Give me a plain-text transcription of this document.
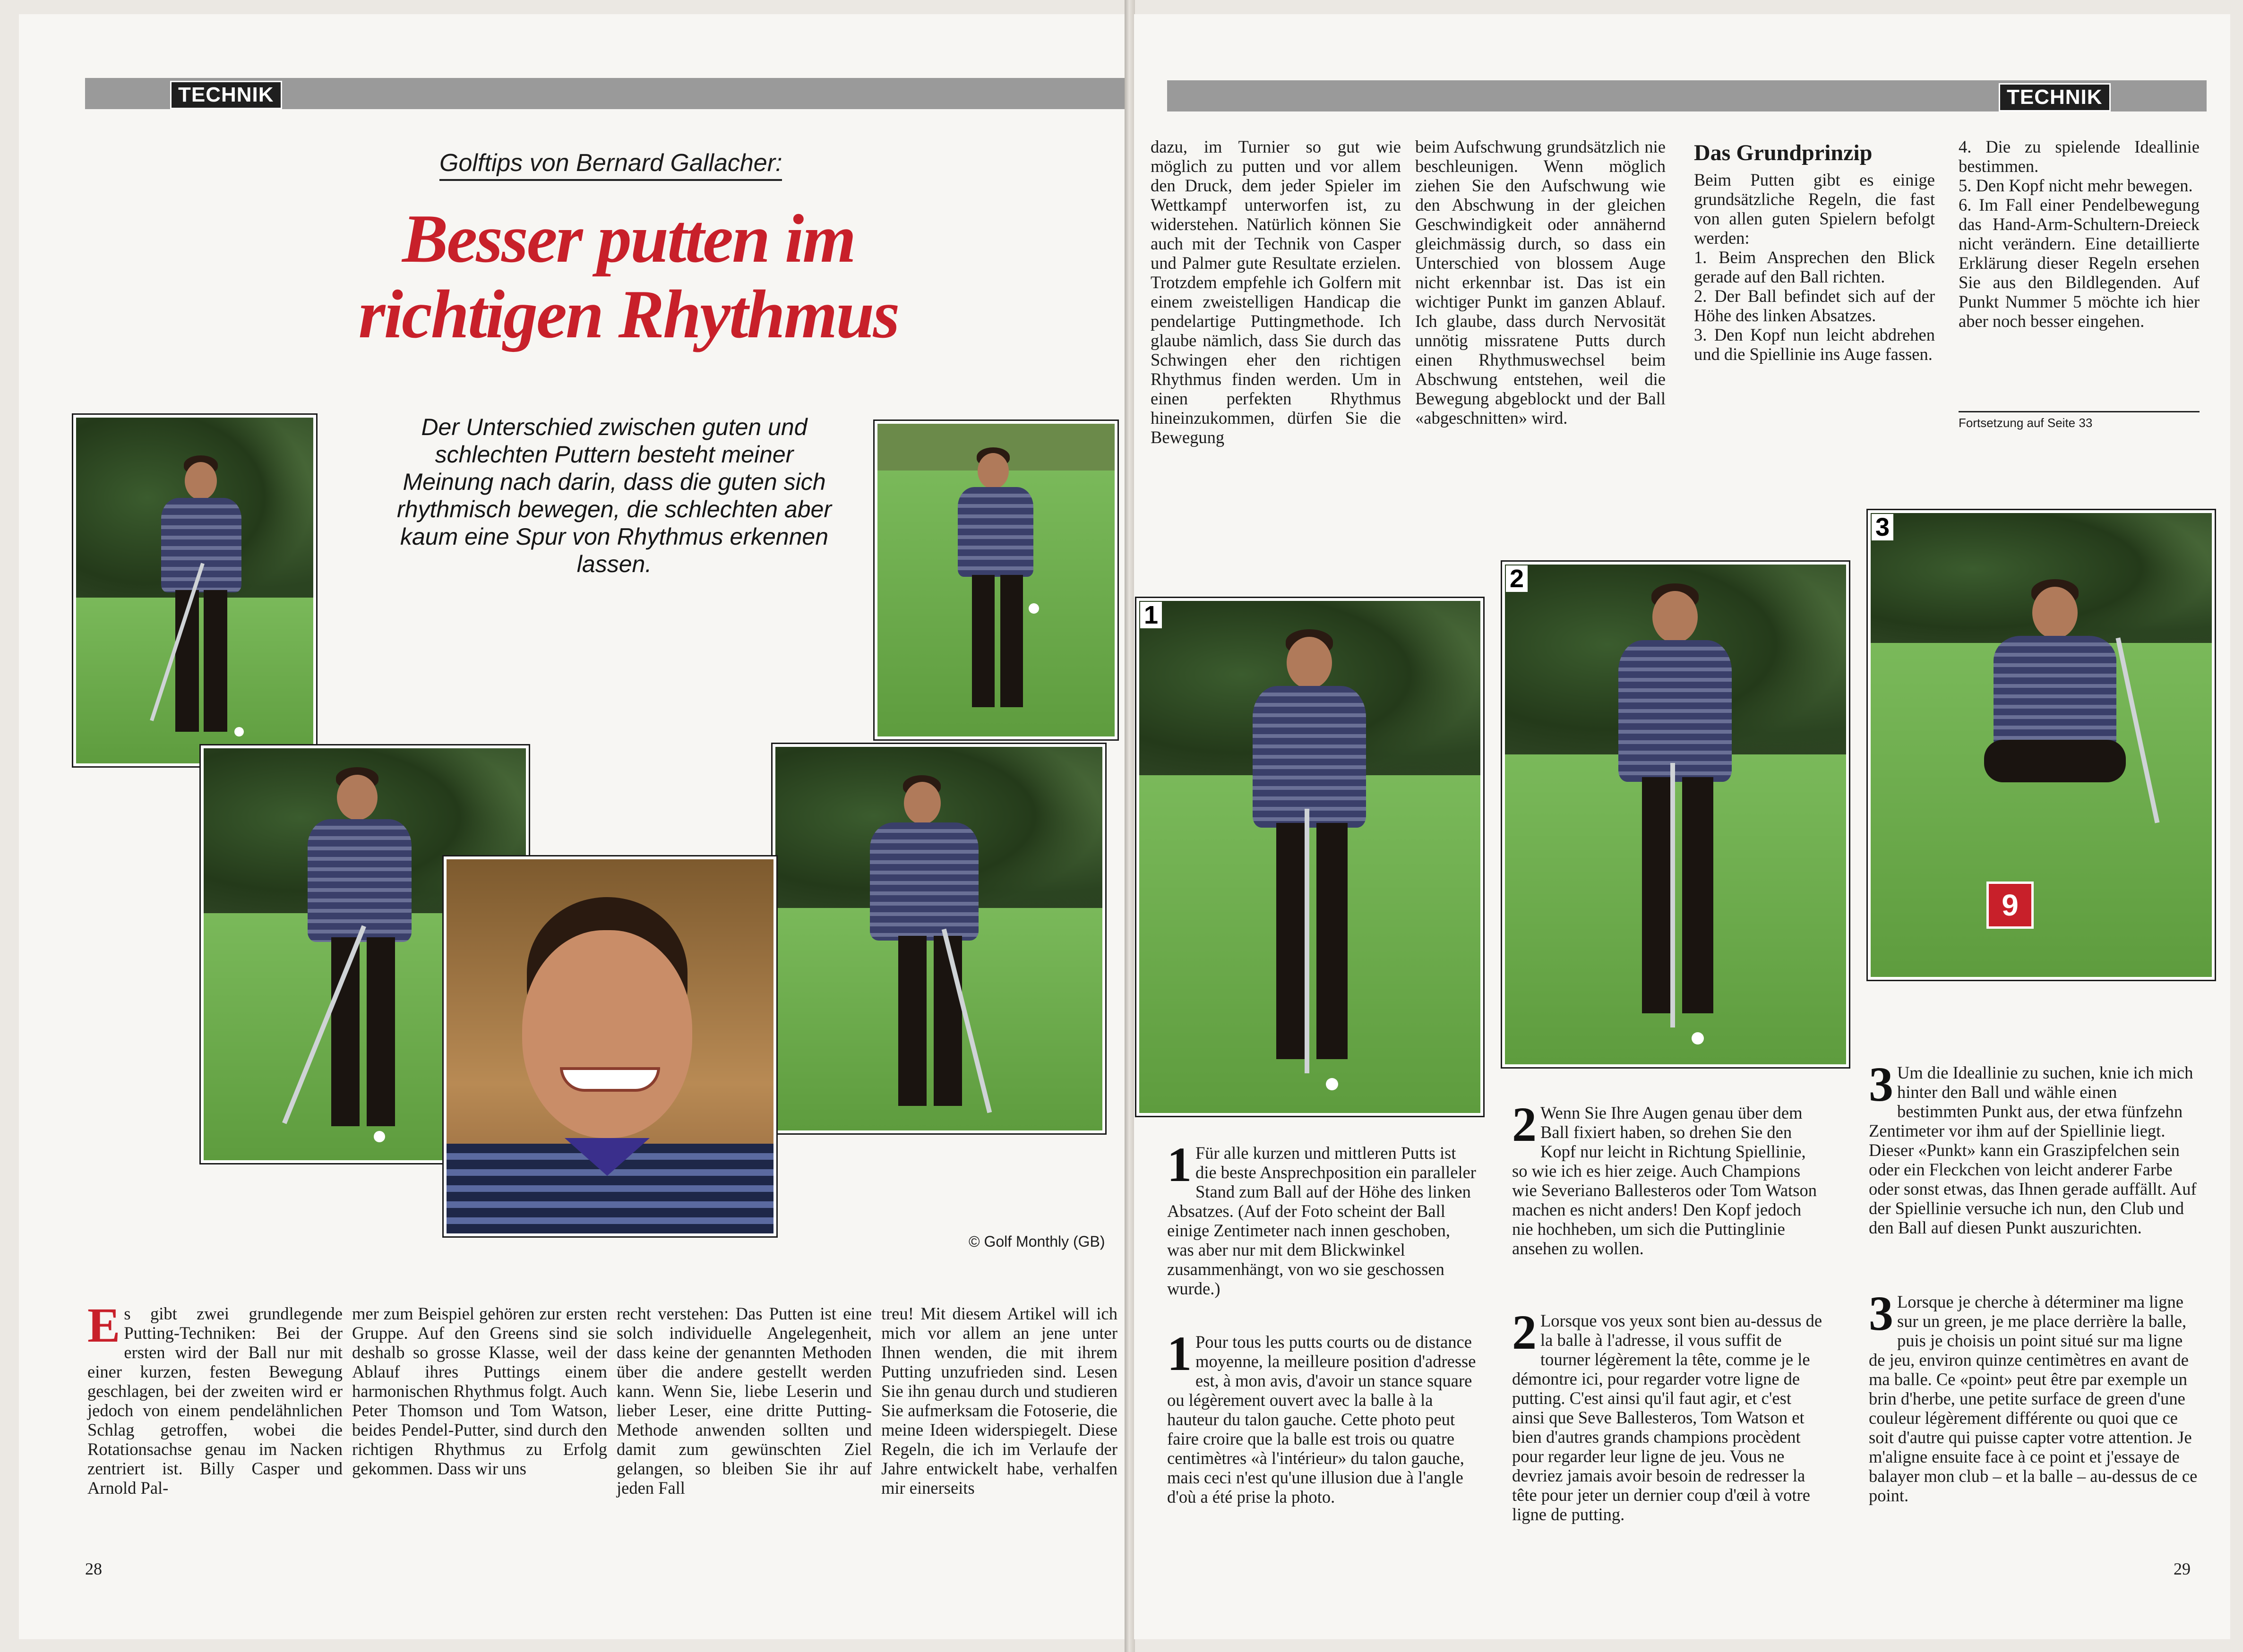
TECHNIK
Golftips von Bernard Gallacher:
Besser putten im
richtigen Rhythmus
Der Unterschied zwischen guten und schlechten Puttern besteht meiner Meinung nach darin, dass die guten sich rhythmisch bewegen, die schlechten aber kaum eine Spur von Rhythmus erkennen lassen.
© Golf Monthly (GB)
Es gibt zwei grundlegende Putting-Techniken: Bei der ersten wird der Ball nur mit einer kurzen, festen Bewegung geschlagen, bei der zweiten wird er jedoch von einem pendelähnlichen Schlag getroffen, wobei die Rotationsachse genau im Nacken zentriert ist. Billy Casper und Arnold Pal-
mer zum Beispiel gehören zur ersten Gruppe. Auf den Greens sind sie deshalb so grosse Klasse, weil der Ablauf ihres Puttings einem harmonischen Rhythmus folgt. Auch Peter Thomson und Tom Watson, beides Pendel-Putter, sind durch den richtigen Rhythmus zu Erfolg gekommen. Dass wir uns
recht verstehen: Das Putten ist eine solch individuelle Angelegenheit, dass keine der genannten Methoden über die andere gestellt werden kann. Wenn Sie, liebe Leserin und lieber Leser, eine dritte Putting-Methode anwenden sollten und damit zum gewünschten Ziel gelangen, so bleiben Sie ihr auf jeden Fall
treu! Mit diesem Artikel will ich mich vor allem an jene unter Ihnen wenden, die mit ihrem Putting unzufrieden sind. Lesen Sie ihn genau durch und studieren Sie aufmerksam die Fotoserie, die meine Ideen widerspiegelt. Diese Regeln, die ich im Verlaufe der Jahre entwickelt habe, verhalfen mir einerseits
28
TECHNIK
dazu, im Turnier so gut wie möglich zu putten und vor allem den Druck, dem jeder Spieler im Wettkampf unterworfen ist, zu widerstehen. Natürlich können Sie auch mit der Technik von Casper und Palmer gute Resultate erzielen. Trotzdem empfehle ich Golfern mit einem zweistelligen Handicap die pendelartige Puttingmethode. Ich glaube nämlich, dass Sie durch das Schwingen eher den richtigen Rhythmus finden werden. Um in einen perfekten Rhythmus hineinzukommen, dürfen Sie die Bewegung
beim Aufschwung grundsätzlich nie beschleunigen. Wenn möglich ziehen Sie den Aufschwung wie den Abschwung in der gleichen Geschwindigkeit oder annähernd gleichmässig durch, so dass ein Unterschied von blossem Auge nicht erkennbar ist. Das ist ein wichtiger Punkt im ganzen Ablauf. Ich glaube, dass durch Nervosität unnötig missratene Putts durch einen Rhythmuswechsel beim Abschwung entstehen, weil die Bewegung abgeblockt und der Ball «abgeschnitten» wird.
Das Grundprinzip
Beim Putten gibt es einige grundsätzliche Regeln, die fast von allen guten Spielern befolgt werden:
1. Beim Ansprechen den Blick gerade auf den Ball richten.
2. Der Ball befindet sich auf der Höhe des linken Absatzes.
3. Den Kopf nun leicht abdrehen und die Spiellinie ins Auge fassen.
4. Die zu spielende Ideallinie bestimmen.
5. Den Kopf nicht mehr bewegen.
6. Im Fall einer Pendelbewegung das Hand-Arm-Schultern-Dreieck nicht verändern. Eine detaillierte Erklärung dieser Regeln ersehen Sie aus den Bildlegenden. Auf Punkt Nummer 5 möchte ich hier aber noch besser eingehen.
Fortsetzung auf Seite 33
1
2
9
3
1 Für alle kurzen und mittleren Putts ist die beste Ansprechposition ein paralleler Stand zum Ball auf der Höhe des linken Absatzes. (Auf der Foto scheint der Ball einige Zentimeter nach innen geschoben, was aber nur mit dem Blickwinkel zusammenhängt, von wo sie geschossen wurde.)
1 Pour tous les putts courts ou de distance moyenne, la meilleure position d'adresse est, à mon avis, d'avoir un stance square ou légèrement ouvert avec la balle à la hauteur du talon gauche. Cette photo peut faire croire que la balle est trois ou quatre centimètres «à l'intérieur» du talon gauche, mais ceci n'est qu'une illusion due à l'angle d'où a été prise la photo.
2 Wenn Sie Ihre Augen genau über dem Ball fixiert haben, so drehen Sie den Kopf nur leicht in Richtung Spiellinie, so wie ich es hier zeige. Auch Champions wie Severiano Ballesteros oder Tom Watson machen es nicht anders! Den Kopf jedoch nie hochheben, um sich die Puttinglinie ansehen zu wollen.
2 Lorsque vos yeux sont bien au-dessus de la balle à l'adresse, il vous suffit de tourner légèrement la tête, comme je le démontre ici, pour regarder votre ligne de putting. C'est ainsi qu'il faut agir, et c'est ainsi que Seve Ballesteros, Tom Watson et bien d'autres grands champions procèdent pour regarder leur ligne de jeu. Vous ne devriez jamais avoir besoin de redresser la tête pour jeter un dernier coup d'œil à votre ligne de putting.
3 Um die Ideallinie zu suchen, knie ich mich hinter den Ball und wähle einen bestimmten Punkt aus, der etwa fünfzehn Zentimeter vor ihm auf der Spiellinie liegt. Dieser «Punkt» kann ein Graszipfelchen sein oder ein Fleckchen von leicht anderer Farbe oder sonst etwas, das Ihnen gerade auffällt. Auf der Spiellinie versuche ich nun, den Club und den Ball auf diesen Punkt auszurichten.
3 Lorsque je cherche à déterminer ma ligne sur un green, je me place derrière la balle, puis je choisis un point situé sur ma ligne de jeu, environ quinze centimètres en avant de ma balle. Ce «point» peut être par exemple un brin d'herbe, une petite surface de green d'une couleur légèrement différente ou quoi que ce soit d'autre qui puisse capter votre attention. Je m'aligne ensuite face à ce point et j'essaye de balayer mon club – et la balle – au-dessus de ce point.
29
